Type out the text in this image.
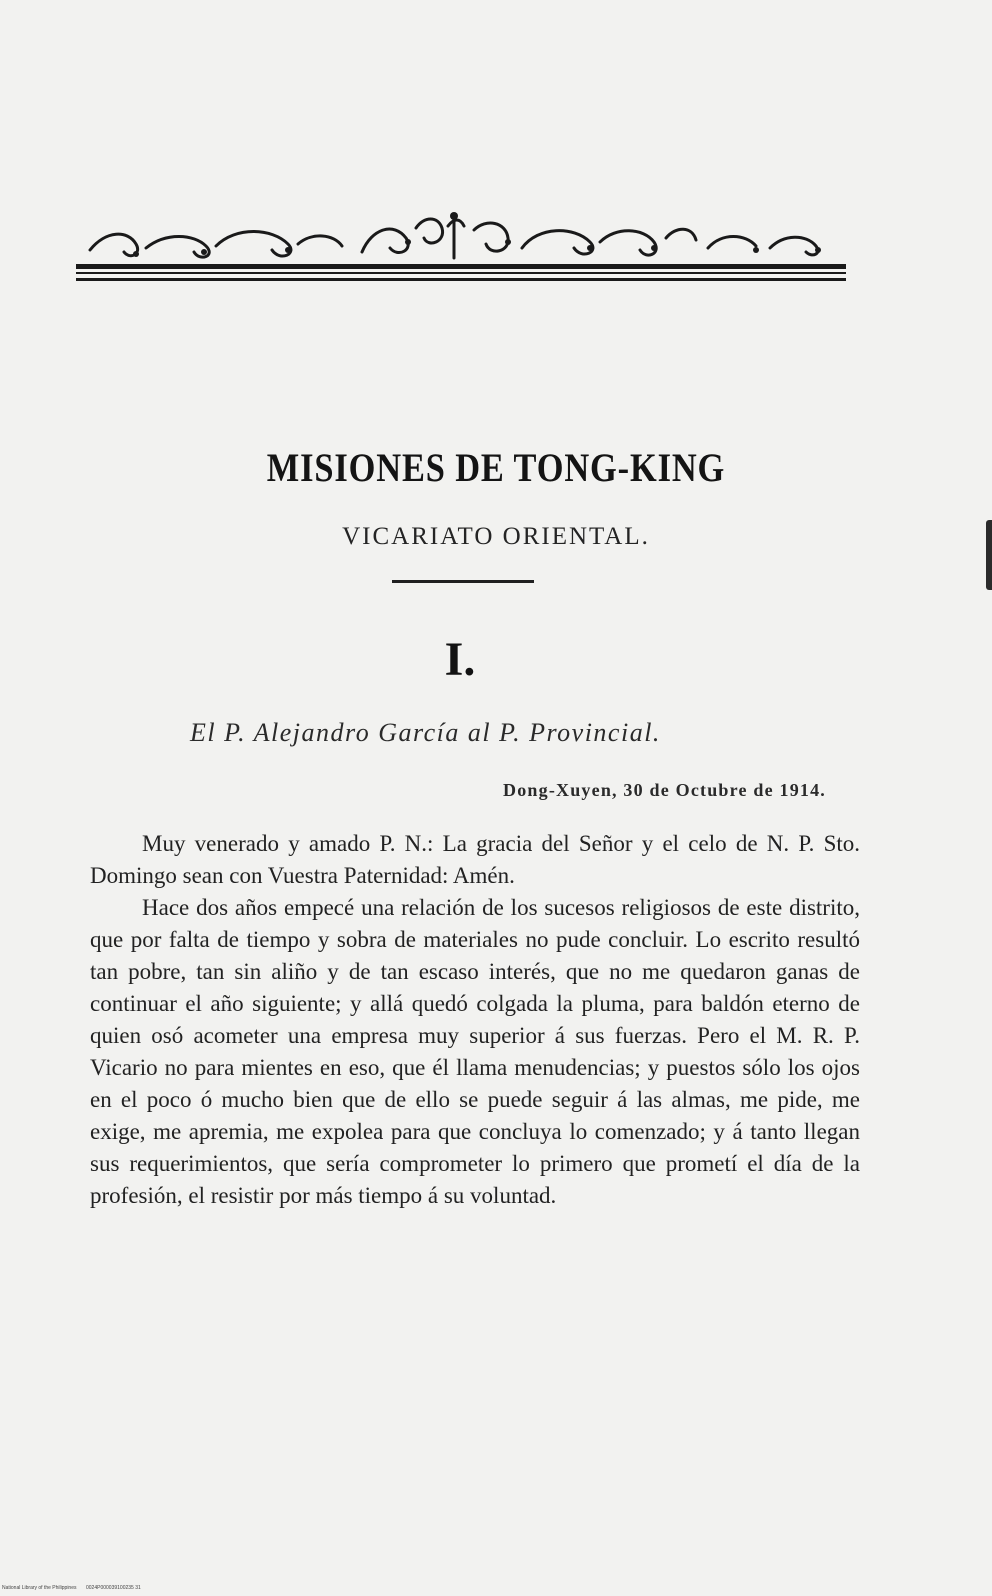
MISIONES DE TONG-KING
VICARIATO ORIENTAL.
I.
El P. Alejandro García al P. Provincial.
Dong-Xuyen, 30 de Octubre de 1914.

Muy venerado y amado P. N.: La gracia del Señor y el celo de N. P. Sto. Domingo sean con Vuestra Paternidad: Amén.

Hace dos años empecé una relación de los sucesos religiosos de este distrito, que por falta de tiempo y sobra de materiales no pude concluir. Lo escrito resultó tan pobre, tan sin aliño y de tan escaso interés, que no me quedaron ganas de continuar el año siguiente; y allá quedó colgada la pluma, para baldón eterno de quien osó acometer una empresa muy superior á sus fuerzas. Pero el M. R. P. Vicario no para mientes en eso, que él llama menudencias; y puestos sólo los ojos en el poco ó mucho bien que de ello se puede seguir á las almas, me pide, me exige, me apremia, me expolea para que concluya lo comenzado; y á tanto llegan sus requerimientos, que sería comprometer lo primero que prometí el día de la profesión, el resistir por más tiempo á su voluntad.

National Library of the Philippines 0024P000039100235 31
